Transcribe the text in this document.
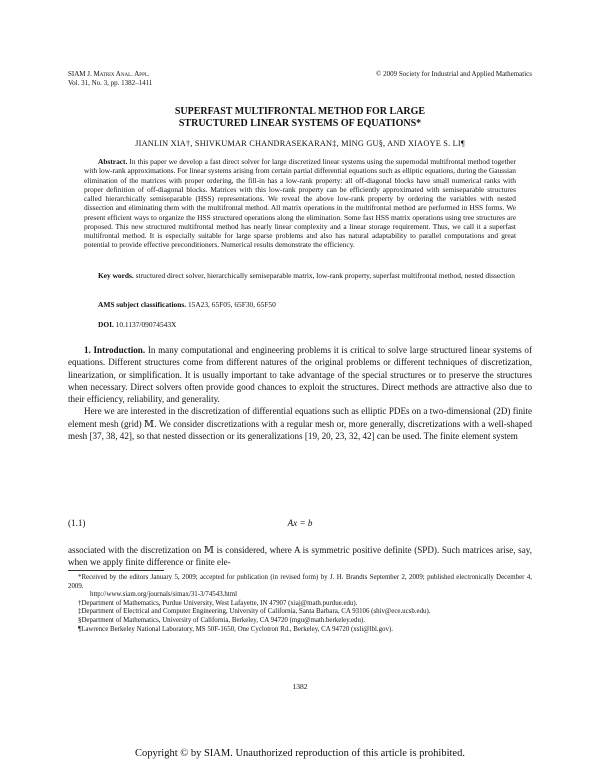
SIAM J. Matrix Anal. Appl.
Vol. 31, No. 3, pp. 1382–1411
© 2009 Society for Industrial and Applied Mathematics
SUPERFAST MULTIFRONTAL METHOD FOR LARGE
STRUCTURED LINEAR SYSTEMS OF EQUATIONS*
JIANLIN XIA†, SHIVKUMAR CHANDRASEKARAN‡, MING GU§, AND XIAOYE S. LI¶
Abstract. In this paper we develop a fast direct solver for large discretized linear systems using the supernodal multifrontal method together with low-rank approximations. For linear systems arising from certain partial differential equations such as elliptic equations, during the Gaussian elimination of the matrices with proper ordering, the fill-in has a low-rank property: all off-diagonal blocks have small numerical ranks with proper definition of off-diagonal blocks. Matrices with this low-rank property can be efficiently approximated with semiseparable structures called hierarchically semiseparable (HSS) representations. We reveal the above low-rank property by ordering the variables with nested dissection and eliminating them with the multifrontal method. All matrix operations in the multifrontal method are performed in HSS forms. We present efficient ways to organize the HSS structured operations along the elimination. Some fast HSS matrix operations using tree structures are proposed. This new structured multifrontal method has nearly linear complexity and a linear storage requirement. Thus, we call it a superfast multifrontal method. It is especially suitable for large sparse problems and also has natural adaptability to parallel computations and great potential to provide effective preconditioners. Numerical results demonstrate the efficiency.
Key words. structured direct solver, hierarchically semiseparable matrix, low-rank property, superfast multifrontal method, nested dissection
AMS subject classifications. 15A23, 65F05, 65F30, 65F50
DOI. 10.1137/09074543X

1. Introduction. In many computational and engineering problems it is critical to solve large structured linear systems of equations. Different structures come from different natures of the original problems or different techniques of discretization, linearization, or simplification. It is usually important to take advantage of the special structures or to preserve the structures when necessary. Direct solvers often provide good chances to exploit the structures. Direct methods are attractive also due to their efficiency, reliability, and generality.

Here we are interested in the discretization of differential equations such as elliptic PDEs on a two-dimensional (2D) finite element mesh (grid) 𝕄. We consider discretizations with a regular mesh or, more generally, discretizations with a well-shaped mesh [37, 38, 42], so that nested dissection or its generalizations [19, 20, 23, 32, 42] can be used. The finite element system

(1.1)	Ax = b
associated with the discretization on 𝕄 is considered, where A is symmetric positive definite (SPD). Such matrices arise, say, when we apply finite difference or finite ele-

*Received by the editors January 5, 2009; accepted for publication (in revised form) by J. H. Brandts September 2, 2009; published electronically December 4, 2009.

http://www.siam.org/journals/simax/31-3/74543.html

†Department of Mathematics, Purdue University, West Lafayette, IN 47907 (xiaj@math.purdue.edu).

‡Department of Electrical and Computer Engineering, University of California, Santa Barbara, CA 93106 (shiv@ece.ucsb.edu).

§Department of Mathematics, University of California, Berkeley, CA 94720 (mgu@math.berkeley.edu).

¶Lawrence Berkeley National Laboratory, MS 50F-1650, One Cyclotron Rd., Berkeley, CA 94720 (xsli@lbl.gov).

1382
Copyright © by SIAM. Unauthorized reproduction of this article is prohibited.
